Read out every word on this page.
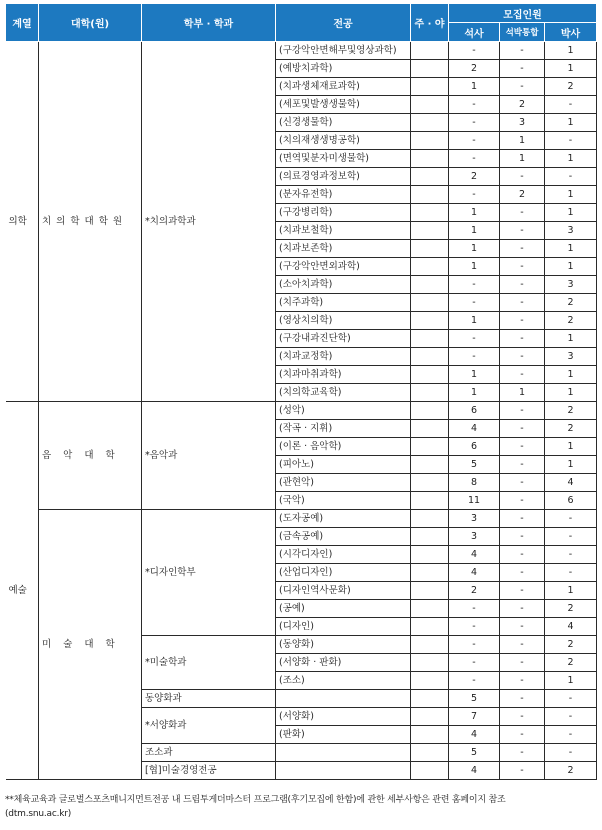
계열	대학(원)	학부 · 학과	전공	주 · 야	모집인원		
					석사	석박통합	박사
의학	치의학대학원	*치의과학과	(구강악안면해부및영상과학)		-	-	1
			(예방치과학)		2	-	1
			(치과생체재료과학)		1	-	2
			(세포및발생생물학)		-	2	-
			(신경생물학)		-	3	1
			(치의재생생명공학)		-	1	-
			(면역및분자미생물학)		-	1	1
			(의료경영과정보학)		2	-	-
			(분자유전학)		-	2	1
			(구강병리학)		1	-	1
			(치과보철학)		1	-	3
			(치과보존학)		1	-	1
			(구강악안면외과학)		1	-	1
			(소아치과학)		-	-	3
			(치주과학)		-	-	2
			(영상치의학)		1	-	2
			(구강내과진단학)		-	-	1
			(치과교정학)		-	-	3
			(치과마취과학)		1	-	1
			(치의학교육학)		1	1	1
예술	음악대학	*음악과	(성악)		6	-	2
			(작곡 · 지휘)		4	-	2
			(이론 · 음악학)		6	-	1
			(피아노)		5	-	1
			(관현악)		8	-	4
			(국악)		11	-	6
	미술대학	*디자인학부	(도자공예)		3	-	-
			(금속공예)		3	-	-
			(시각디자인)		4	-	-
			(산업디자인)		4	-	-
			(디자인역사문화)		2	-	1
			(공예)		-	-	2
			(디자인)		-	-	4
		*미술학과	(동양화)		-	-	2
			(서양화 · 판화)		-	-	2
			(조소)		-	-	1
		동양화과			5	-	-
		*서양화과	(서양화)		7	-	-
			(판화)		4	-	-
		조소과			5	-	-
		[협]미술경영전공			4	-	2
**체육교육과 글로벌스포츠매니지먼트전공 내 드림투게더마스터 프로그램(후기모집에 한함)에 관한 세부사항은 관련 홈페이지 참조
(dtm.snu.ac.kr)
